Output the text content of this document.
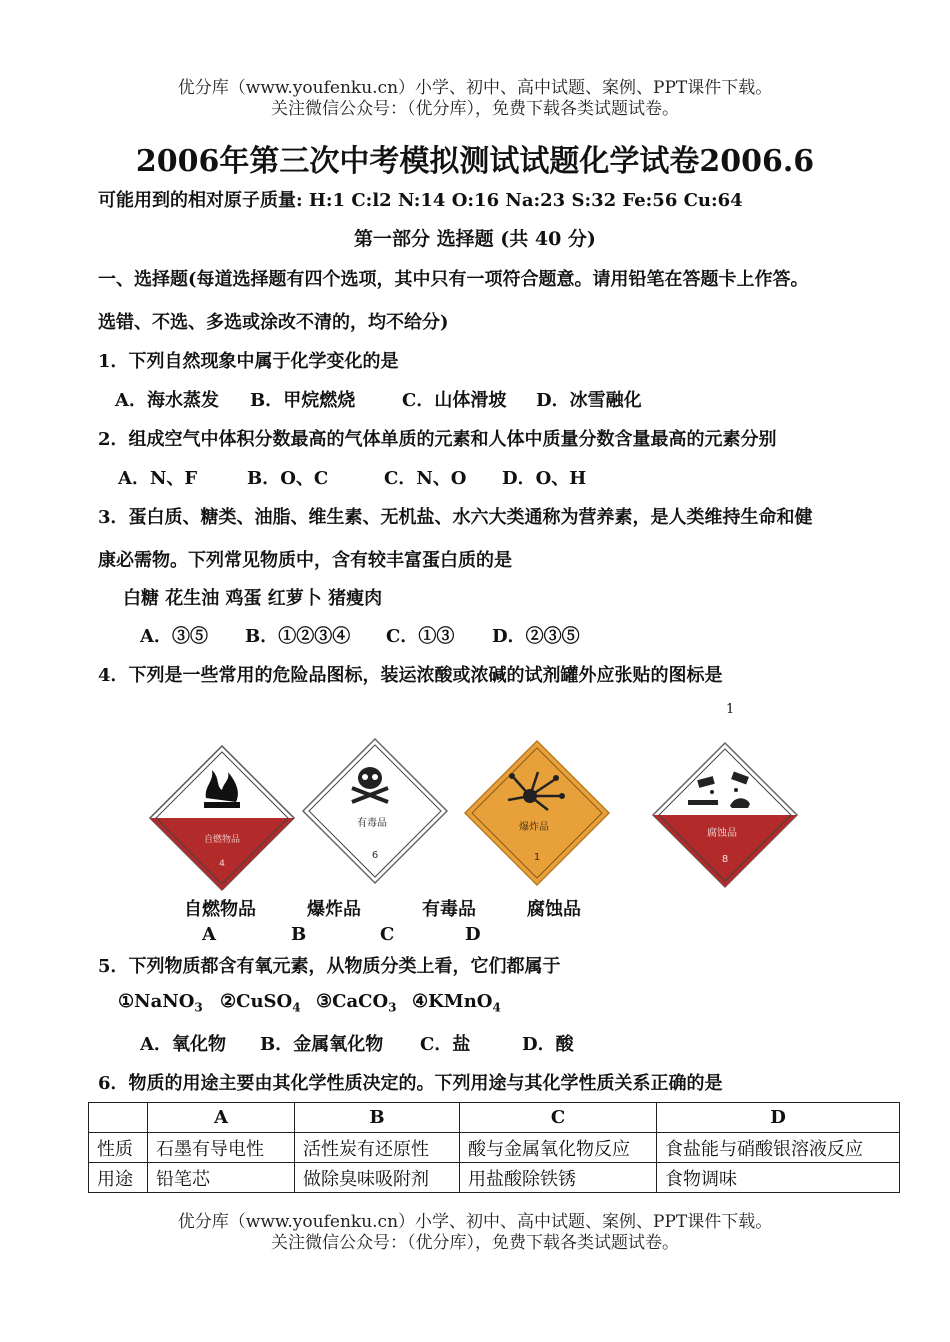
优分库（www.youfenku.cn）小学、初中、高中试题、案例、PPT课件下载。
关注微信公众号：（优分库），免费下载各类试题试卷。
2006年第三次中考模拟测试试题化学试卷2006.6
可能用到的相对原子质量: H:1 C:l2 N:14 O:16 Na:23 S:32 Fe:56 Cu:64
第一部分 选择题 (共 40 分)
一、选择题(每道选择题有四个选项，其中只有一项符合题意。请用铅笔在答题卡上作答。
选错、不选、多选或涂改不清的，均不给分)
1．下列自然现象中属于化学变化的是
A．海水蒸发 B．甲烷燃烧	C．山体滑坡 D．冰雪融化
2．组成空气中体积分数最高的气体单质的元素和人体中质量分数含量最高的元素分别
A．N、F	B．O、C	C．N、O D．O、H
3．蛋白质、糖类、油脂、维生素、无机盐、水六大类通称为营养素，是人类维持生命和健
康必需物。下列常见物质中，含有较丰富蛋白质的是
白糖 花生油 鸡蛋 红萝卜 猪瘦肉
A．③⑤ B．①②③④ C．①③ D．②③⑤
4．下列是一些常用的危险品图标，装运浓酸或浓碱的试剂罐外应张贴的图标是
1
自燃物品
4
有毒品
6
爆炸品
1
腐蚀品
8
自燃物品	爆炸品	有毒品	腐蚀品
A	B	C	D
5．下列物质都含有氧元素，从物质分类上看，它们都属于
①NaNO$_3$ ②CuSO$_4$ ③CaCO$_3$ ④KMnO$_4$
A．氧化物 B．金属氧化物 C．盐	D．酸
6．物质的用途主要由其化学性质决定的。下列用途与其化学性质关系正确的是
	A	B	C	D
性质	石墨有导电性	活性炭有还原性	酸与金属氧化物反应	食盐能与硝酸银溶液反应
用途	铅笔芯	做除臭味吸附剂	用盐酸除铁锈	食物调味
优分库（www.youfenku.cn）小学、初中、高中试题、案例、PPT课件下载。
关注微信公众号：（优分库），免费下载各类试题试卷。
